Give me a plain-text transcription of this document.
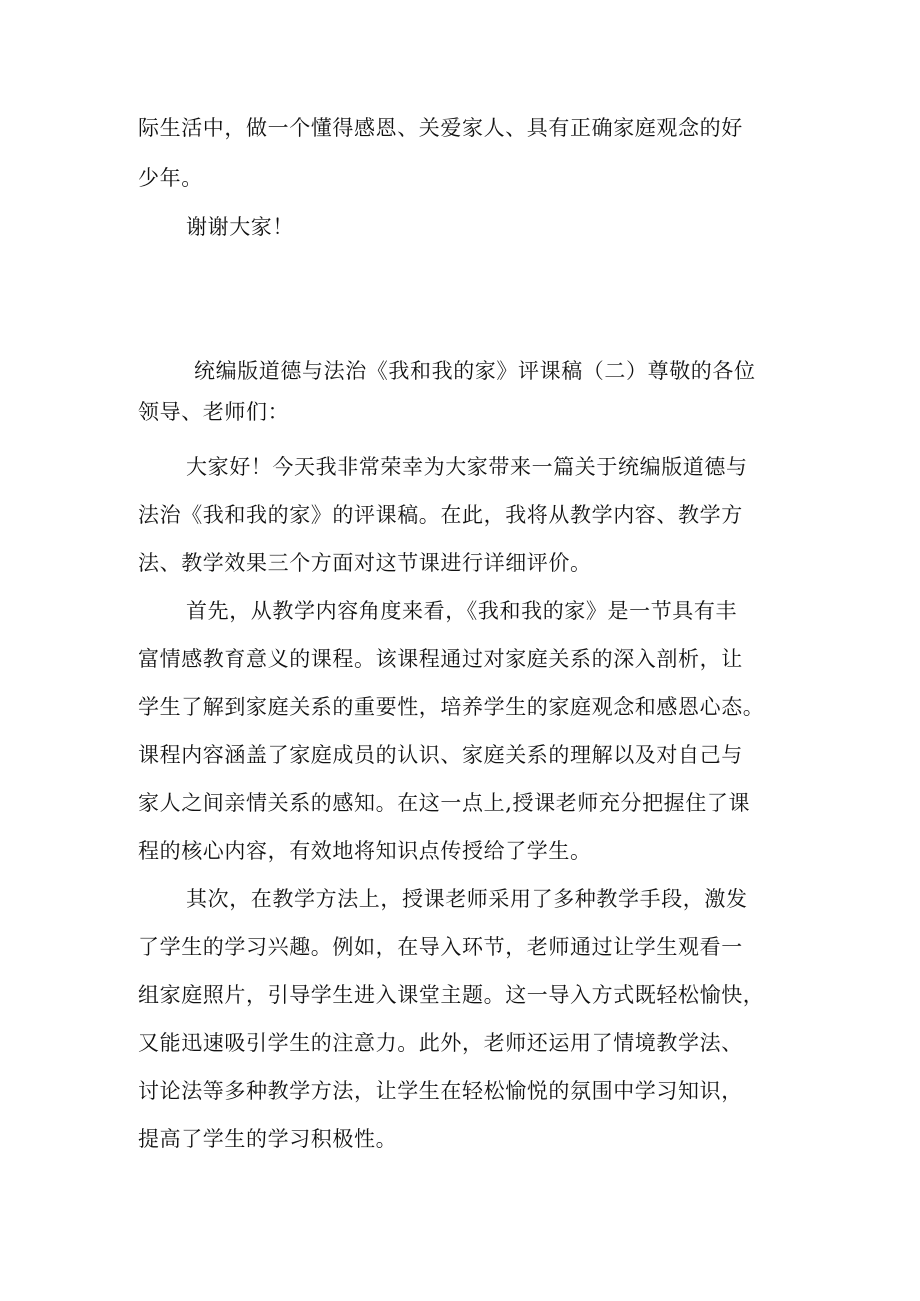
际生活中，做一个懂得感恩、关爱家人、具有正确家庭观念的好
少年。
谢谢大家！
统编版道德与法治《我和我的家》评课稿（二）尊敬的各位
领导、老师们：
大家好！今天我非常荣幸为大家带来一篇关于统编版道德与
法治《我和我的家》的评课稿。在此，我将从教学内容、教学方
法、教学效果三个方面对这节课进行详细评价。
首先，从教学内容角度来看，《我和我的家》是一节具有丰
富情感教育意义的课程。该课程通过对家庭关系的深入剖析，让
学生了解到家庭关系的重要性，培养学生的家庭观念和感恩心态。
课程内容涵盖了家庭成员的认识、家庭关系的理解以及对自己与
家人之间亲情关系的感知。在这一点上,授课老师充分把握住了课
程的核心内容，有效地将知识点传授给了学生。
其次，在教学方法上，授课老师采用了多种教学手段，激发
了学生的学习兴趣。例如，在导入环节，老师通过让学生观看一
组家庭照片，引导学生进入课堂主题。这一导入方式既轻松愉快，
又能迅速吸引学生的注意力。此外，老师还运用了情境教学法、
讨论法等多种教学方法，让学生在轻松愉悦的氛围中学习知识，
提高了学生的学习积极性。
